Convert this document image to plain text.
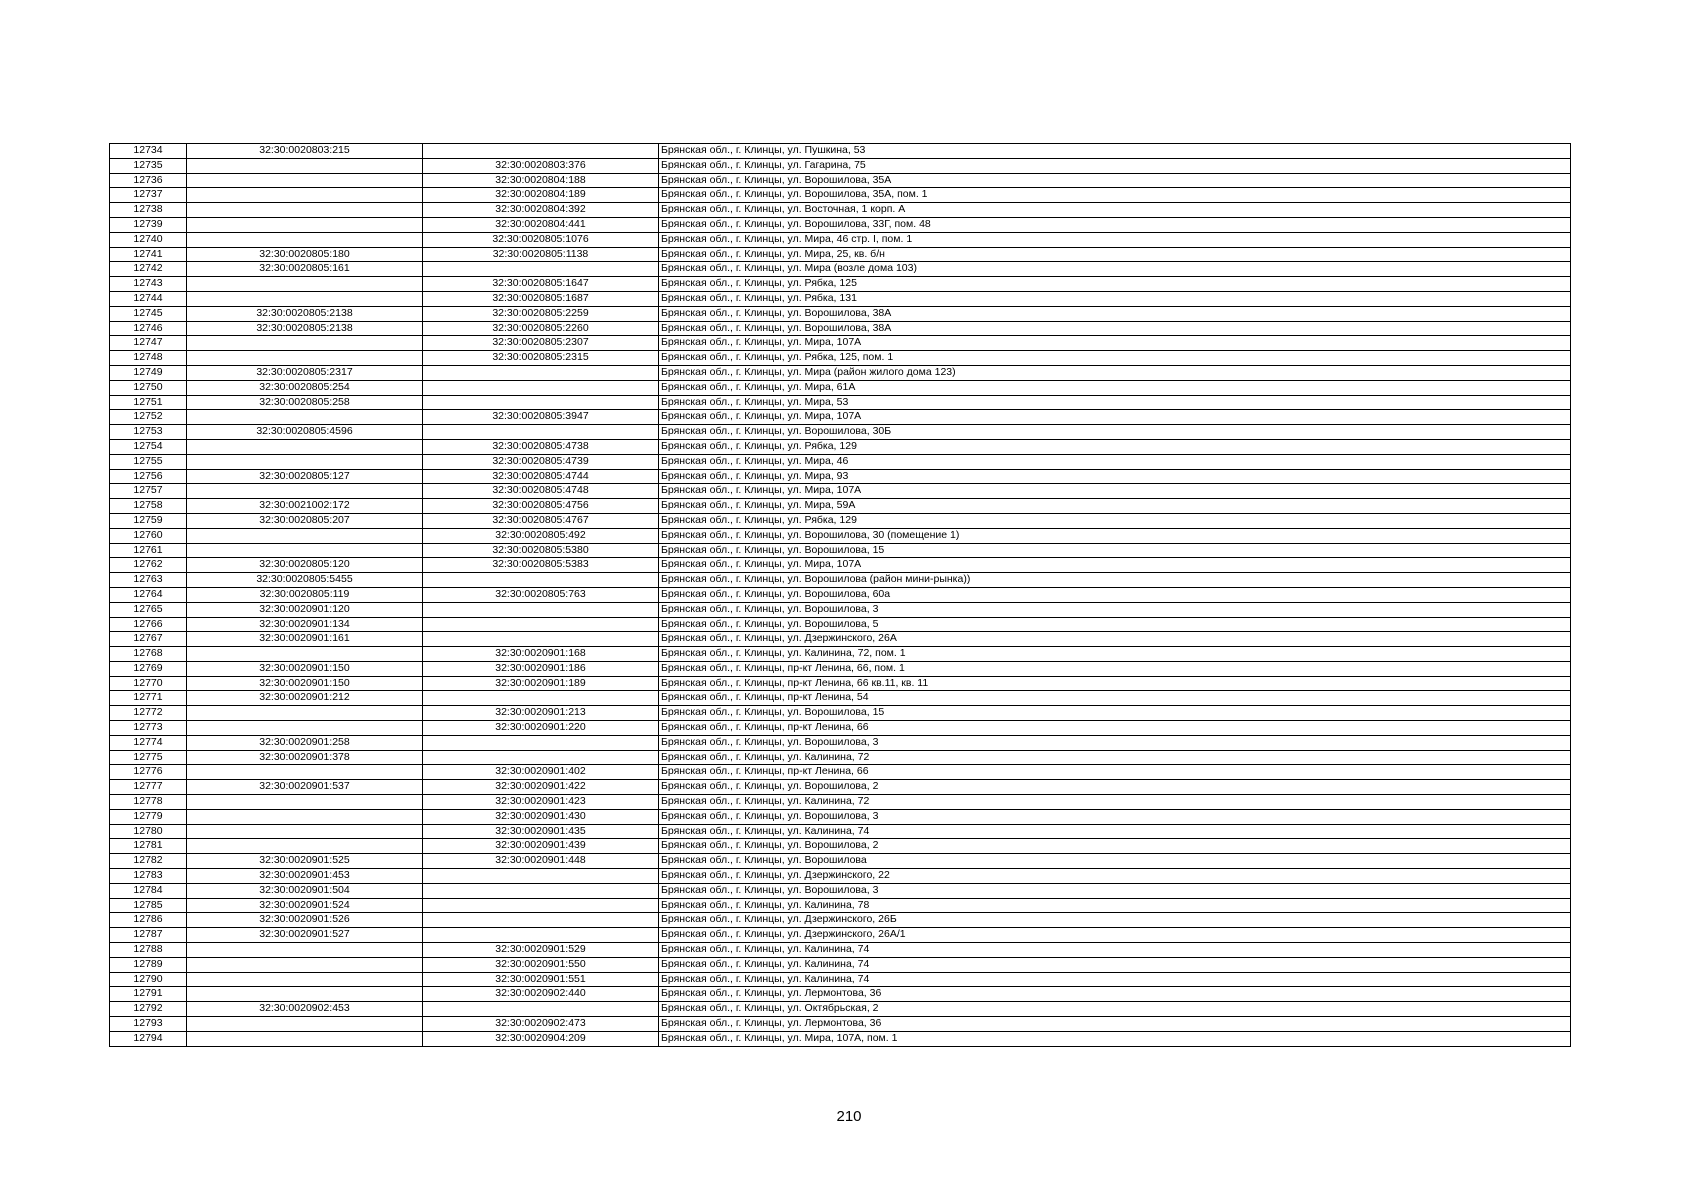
12734	32:30:0020803:215		Брянская обл., г. Клинцы, ул. Пушкина, 53
12735		32:30:0020803:376	Брянская обл., г. Клинцы, ул. Гагарина, 75
12736		32:30:0020804:188	Брянская обл., г. Клинцы, ул. Ворошилова, 35А
12737		32:30:0020804:189	Брянская обл., г. Клинцы, ул. Ворошилова, 35А, пом. 1
12738		32:30:0020804:392	Брянская обл., г. Клинцы, ул. Восточная, 1 корп. А
12739		32:30:0020804:441	Брянская обл., г. Клинцы, ул. Ворошилова, 33Г, пом. 48
12740		32:30:0020805:1076	Брянская обл., г. Клинцы, ул. Мира, 46 стр. I, пом. 1
12741	32:30:0020805:180	32:30:0020805:1138	Брянская обл., г. Клинцы, ул. Мира, 25, кв. б/н
12742	32:30:0020805:161		Брянская обл., г. Клинцы, ул. Мира (возле дома 103)
12743		32:30:0020805:1647	Брянская обл., г. Клинцы, ул. Рябка, 125
12744		32:30:0020805:1687	Брянская обл., г. Клинцы, ул. Рябка, 131
12745	32:30:0020805:2138	32:30:0020805:2259	Брянская обл., г. Клинцы, ул. Ворошилова, 38А
12746	32:30:0020805:2138	32:30:0020805:2260	Брянская обл., г. Клинцы, ул. Ворошилова, 38А
12747		32:30:0020805:2307	Брянская обл., г. Клинцы, ул. Мира, 107А
12748		32:30:0020805:2315	Брянская обл., г. Клинцы, ул. Рябка, 125, пом. 1
12749	32:30:0020805:2317		Брянская обл., г. Клинцы, ул. Мира (район жилого дома 123)
12750	32:30:0020805:254		Брянская обл., г. Клинцы, ул. Мира, 61А
12751	32:30:0020805:258		Брянская обл., г. Клинцы, ул. Мира, 53
12752		32:30:0020805:3947	Брянская обл., г. Клинцы, ул. Мира, 107А
12753	32:30:0020805:4596		Брянская обл., г. Клинцы, ул. Ворошилова, 30Б
12754		32:30:0020805:4738	Брянская обл., г. Клинцы, ул. Рябка, 129
12755		32:30:0020805:4739	Брянская обл., г. Клинцы, ул. Мира, 46
12756	32:30:0020805:127	32:30:0020805:4744	Брянская обл., г. Клинцы, ул. Мира, 93
12757		32:30:0020805:4748	Брянская обл., г. Клинцы, ул. Мира, 107А
12758	32:30:0021002:172	32:30:0020805:4756	Брянская обл., г. Клинцы, ул. Мира, 59А
12759	32:30:0020805:207	32:30:0020805:4767	Брянская обл., г. Клинцы, ул. Рябка, 129
12760		32:30:0020805:492	Брянская обл., г. Клинцы, ул. Ворошилова, 30 (помещение 1)
12761		32:30:0020805:5380	Брянская обл., г. Клинцы, ул. Ворошилова, 15
12762	32:30:0020805:120	32:30:0020805:5383	Брянская обл., г. Клинцы, ул. Мира, 107А
12763	32:30:0020805:5455		Брянская обл., г. Клинцы, ул. Ворошилова (район мини-рынка))
12764	32:30:0020805:119	32:30:0020805:763	Брянская обл., г. Клинцы, ул. Ворошилова, 60а
12765	32:30:0020901:120		Брянская обл., г. Клинцы, ул. Ворошилова, 3
12766	32:30:0020901:134		Брянская обл., г. Клинцы, ул. Ворошилова, 5
12767	32:30:0020901:161		Брянская обл., г. Клинцы, ул. Дзержинского, 26А
12768		32:30:0020901:168	Брянская обл., г. Клинцы, ул. Калинина, 72, пом. 1
12769	32:30:0020901:150	32:30:0020901:186	Брянская обл., г. Клинцы, пр-кт Ленина, 66, пом. 1
12770	32:30:0020901:150	32:30:0020901:189	Брянская обл., г. Клинцы, пр-кт Ленина, 66 кв.11, кв. 11
12771	32:30:0020901:212		Брянская обл., г. Клинцы, пр-кт Ленина, 54
12772		32:30:0020901:213	Брянская обл., г. Клинцы, ул. Ворошилова, 15
12773		32:30:0020901:220	Брянская обл., г. Клинцы, пр-кт Ленина, 66
12774	32:30:0020901:258		Брянская обл., г. Клинцы, ул. Ворошилова, 3
12775	32:30:0020901:378		Брянская обл., г. Клинцы, ул. Калинина, 72
12776		32:30:0020901:402	Брянская обл., г. Клинцы, пр-кт Ленина, 66
12777	32:30:0020901:537	32:30:0020901:422	Брянская обл., г. Клинцы, ул. Ворошилова, 2
12778		32:30:0020901:423	Брянская обл., г. Клинцы, ул. Калинина, 72
12779		32:30:0020901:430	Брянская обл., г. Клинцы, ул. Ворошилова, 3
12780		32:30:0020901:435	Брянская обл., г. Клинцы, ул. Калинина, 74
12781		32:30:0020901:439	Брянская обл., г. Клинцы, ул. Ворошилова, 2
12782	32:30:0020901:525	32:30:0020901:448	Брянская обл., г. Клинцы, ул. Ворошилова
12783	32:30:0020901:453		Брянская обл., г. Клинцы, ул. Дзержинского, 22
12784	32:30:0020901:504		Брянская обл., г. Клинцы, ул. Ворошилова, 3
12785	32:30:0020901:524		Брянская обл., г. Клинцы, ул. Калинина, 78
12786	32:30:0020901:526		Брянская обл., г. Клинцы, ул. Дзержинского, 26Б
12787	32:30:0020901:527		Брянская обл., г. Клинцы, ул. Дзержинского, 26А/1
12788		32:30:0020901:529	Брянская обл., г. Клинцы, ул. Калинина, 74
12789		32:30:0020901:550	Брянская обл., г. Клинцы, ул. Калинина, 74
12790		32:30:0020901:551	Брянская обл., г. Клинцы, ул. Калинина, 74
12791		32:30:0020902:440	Брянская обл., г. Клинцы, ул. Лермонтова, 36
12792	32:30:0020902:453		Брянская обл., г. Клинцы, ул. Октябрьская, 2
12793		32:30:0020902:473	Брянская обл., г. Клинцы, ул. Лермонтова, 36
12794		32:30:0020904:209	Брянская обл., г. Клинцы, ул. Мира, 107А, пом. 1
210
